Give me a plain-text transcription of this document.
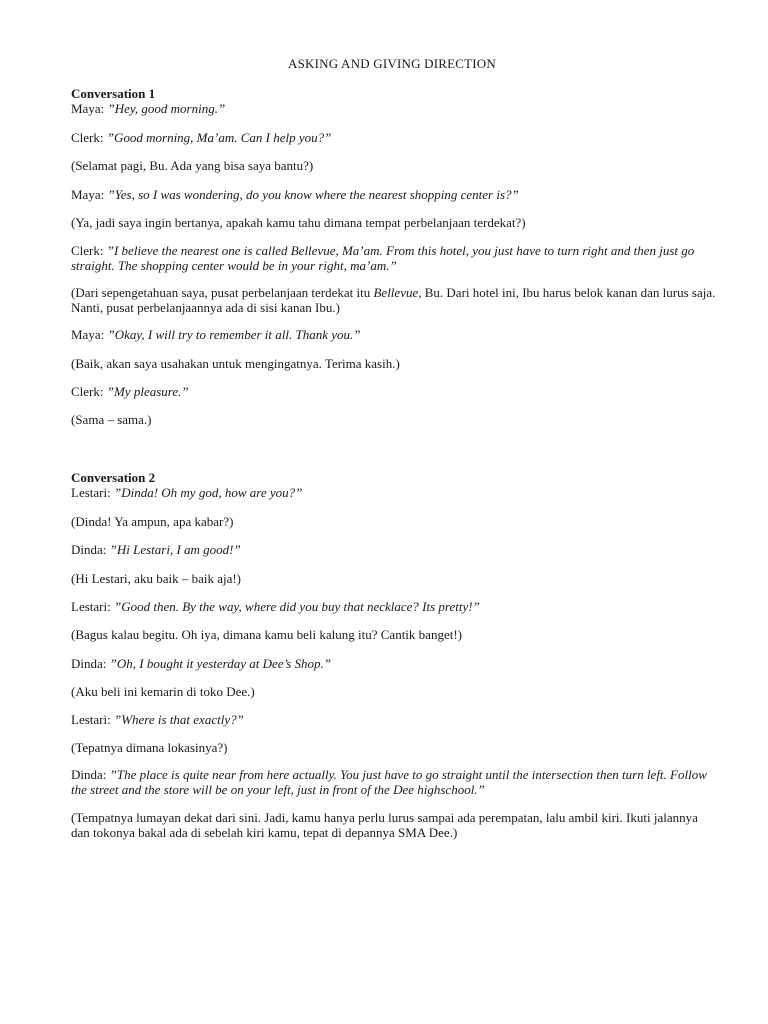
ASKING AND GIVING DIRECTION
Conversation 1
Maya: ”Hey, good morning.”
Clerk: ”Good morning, Ma’am. Can I help you?”
(Selamat pagi, Bu. Ada yang bisa saya bantu?)
Maya: ”Yes, so I was wondering, do you know where the nearest shopping center is?”
(Ya, jadi saya ingin bertanya, apakah kamu tahu dimana tempat perbelanjaan terdekat?)
Clerk: ”I believe the nearest one is called Bellevue, Ma’am. From this hotel, you just have to turn right and then just go straight. The shopping center would be in your right, ma’am.”
(Dari sepengetahuan saya, pusat perbelanjaan terdekat itu Bellevue, Bu. Dari hotel ini, Ibu harus belok kanan dan lurus saja. Nanti, pusat perbelanjaannya ada di sisi kanan Ibu.)
Maya: ”Okay, I will try to remember it all. Thank you.”
(Baik, akan saya usahakan untuk mengingatnya. Terima kasih.)
Clerk: ”My pleasure.”
(Sama – sama.)
Conversation 2
Lestari: ”Dinda! Oh my god, how are you?”
(Dinda! Ya ampun, apa kabar?)
Dinda: ”Hi Lestari, I am good!”
(Hi Lestari, aku baik – baik aja!)
Lestari: ”Good then. By the way, where did you buy that necklace? Its pretty!”
(Bagus kalau begitu. Oh iya, dimana kamu beli kalung itu? Cantik banget!)
Dinda: ”Oh, I bought it yesterday at Dee’s Shop.”
(Aku beli ini kemarin di toko Dee.)
Lestari: ”Where is that exactly?”
(Tepatnya dimana lokasinya?)
Dinda: ”The place is quite near from here actually. You just have to go straight until the intersection then turn left. Follow the street and the store will be on your left, just in front of the Dee highschool.”
(Tempatnya lumayan dekat dari sini. Jadi, kamu hanya perlu lurus sampai ada perempatan, lalu ambil kiri. Ikuti jalannya dan tokonya bakal ada di sebelah kiri kamu, tepat di depannya SMA Dee.)
